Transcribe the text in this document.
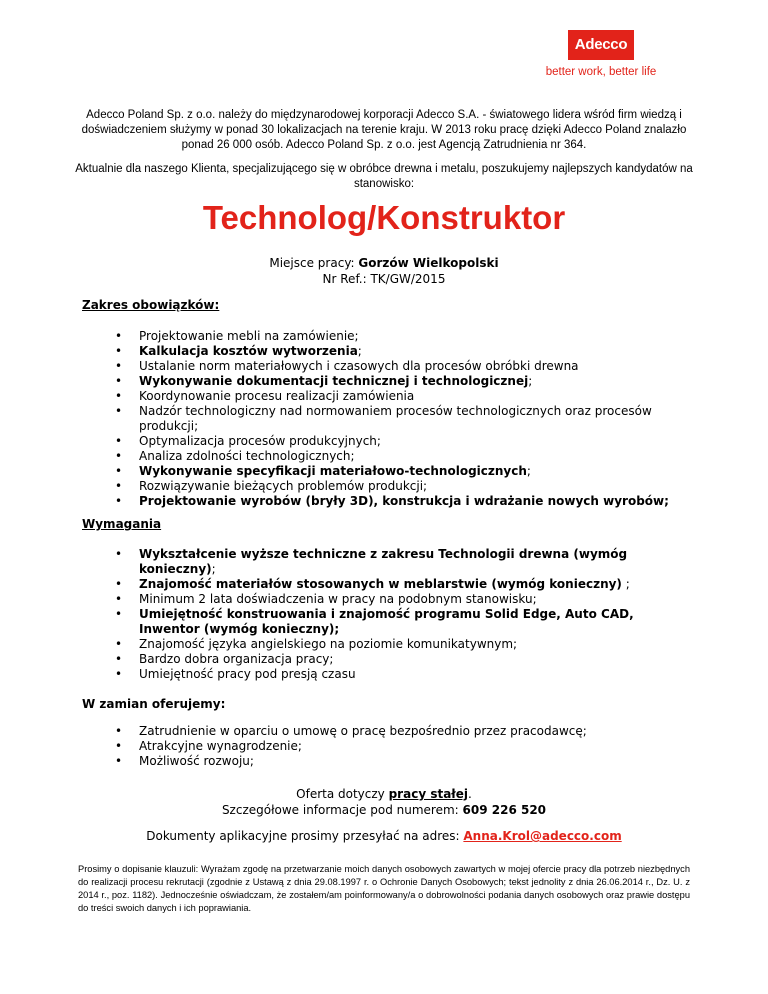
Adecco
better work, better life
Adecco Poland Sp. z o.o. należy do międzynarodowej korporacji Adecco S.A. - światowego lidera wśród firm wiedzą i doświadczeniem służymy w ponad 30 lokalizacjach na terenie kraju. W 2013 roku pracę dzięki Adecco Poland znalazło ponad 26 000 osób. Adecco Poland Sp. z o.o. jest Agencją Zatrudnienia nr 364.
Aktualnie dla naszego Klienta, specjalizującego się w obróbce drewna i metalu, poszukujemy najlepszych kandydatów na stanowisko:
Technolog/Konstruktor
Miejsce pracy: Gorzów Wielkopolski
Nr Ref.: TK/GW/2015
Zakres obowiązków:
• Projektowanie mebli na zamówienie;
• Kalkulacja kosztów wytworzenia;
• Ustalanie norm materiałowych i czasowych dla procesów obróbki drewna
• Wykonywanie dokumentacji technicznej i technologicznej;
• Koordynowanie procesu realizacji zamówienia
• Nadzór technologiczny nad normowaniem procesów technologicznych oraz procesów produkcji;
• Optymalizacja procesów produkcyjnych;
• Analiza zdolności technologicznych;
• Wykonywanie specyfikacji materiałowo-technologicznych;
• Rozwiązywanie bieżących problemów produkcji;
• Projektowanie wyrobów (bryły 3D), konstrukcja i wdrażanie nowych wyrobów;
Wymagania
• Wykształcenie wyższe techniczne z zakresu Technologii drewna (wymóg konieczny);
• Znajomość materiałów stosowanych w meblarstwie (wymóg konieczny) ;
• Minimum 2 lata doświadczenia w pracy na podobnym stanowisku;
• Umiejętność konstruowania i znajomość programu Solid Edge, Auto CAD, Inwentor (wymóg konieczny);
• Znajomość języka angielskiego na poziomie komunikatywnym;
• Bardzo dobra organizacja pracy;
• Umiejętność pracy pod presją czasu
W zamian oferujemy:
• Zatrudnienie w oparciu o umowę o pracę bezpośrednio przez pracodawcę;
• Atrakcyjne wynagrodzenie;
• Możliwość rozwoju;
Oferta dotyczy pracy stałej.
Szczegółowe informacje pod numerem: 609 226 520
Dokumenty aplikacyjne prosimy przesyłać na adres: Anna.Krol@adecco.com
Prosimy o dopisanie klauzuli: Wyrażam zgodę na przetwarzanie moich danych osobowych zawartych w mojej ofercie pracy dla potrzeb niezbędnych do realizacji procesu rekrutacji (zgodnie z Ustawą z dnia 29.08.1997 r. o Ochronie Danych Osobowych; tekst jednolity z dnia 26.06.2014 r., Dz. U. z 2014 r., poz. 1182). Jednocześnie oświadczam, że zostałem/am poinformowany/a o dobrowolności podania danych osobowych oraz prawie dostępu do treści swoich danych i ich poprawiania.
